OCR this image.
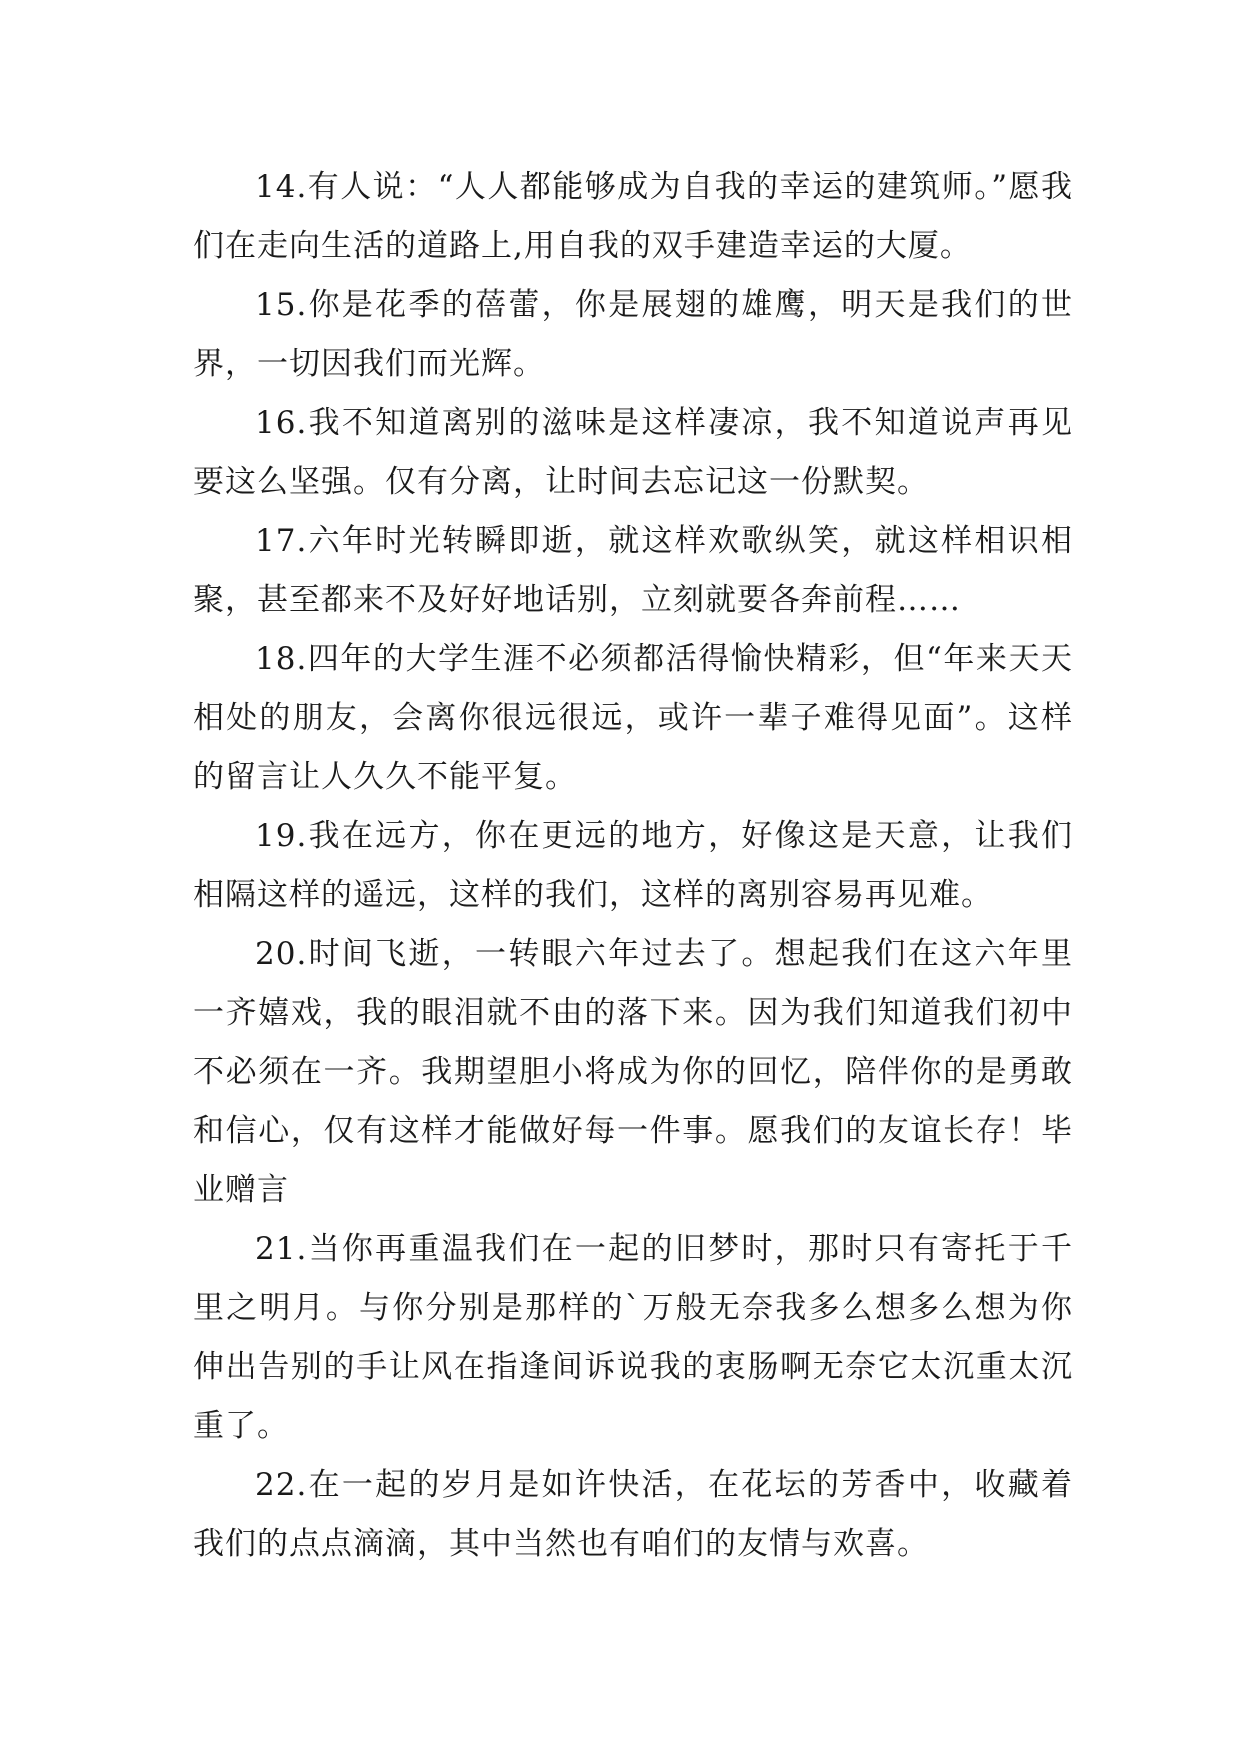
14.有人说：“人人都能够成为自我的幸运的建筑师。”愿我们在走向生活的道路上,用自我的双手建造幸运的大厦。

15.你是花季的蓓蕾，你是展翅的雄鹰，明天是我们的世界，一切因我们而光辉。

16.我不知道离别的滋味是这样凄凉，我不知道说声再见要这么坚强。仅有分离，让时间去忘记这一份默契。

17.六年时光转瞬即逝，就这样欢歌纵笑，就这样相识相聚，甚至都来不及好好地话别，立刻就要各奔前程……

18.四年的大学生涯不必须都活得愉快精彩，但“年来天天相处的朋友，会离你很远很远，或许一辈子难得见面”。这样的留言让人久久不能平复。

19.我在远方，你在更远的地方，好像这是天意，让我们相隔这样的遥远，这样的我们，这样的离别容易再见难。

20.时间飞逝，一转眼六年过去了。想起我们在这六年里一齐嬉戏，我的眼泪就不由的落下来。因为我们知道我们初中不必须在一齐。我期望胆小将成为你的回忆，陪伴你的是勇敢和信心，仅有这样才能做好每一件事。愿我们的友谊长存！毕业赠言

21.当你再重温我们在一起的旧梦时，那时只有寄托于千里之明月。与你分别是那样的`万般无奈我多么想多么想为你伸出告别的手让风在指逢间诉说我的衷肠啊无奈它太沉重太沉重了。

22.在一起的岁月是如许快活，在花坛的芳香中，收藏着我们的点点滴滴，其中当然也有咱们的友情与欢喜。
